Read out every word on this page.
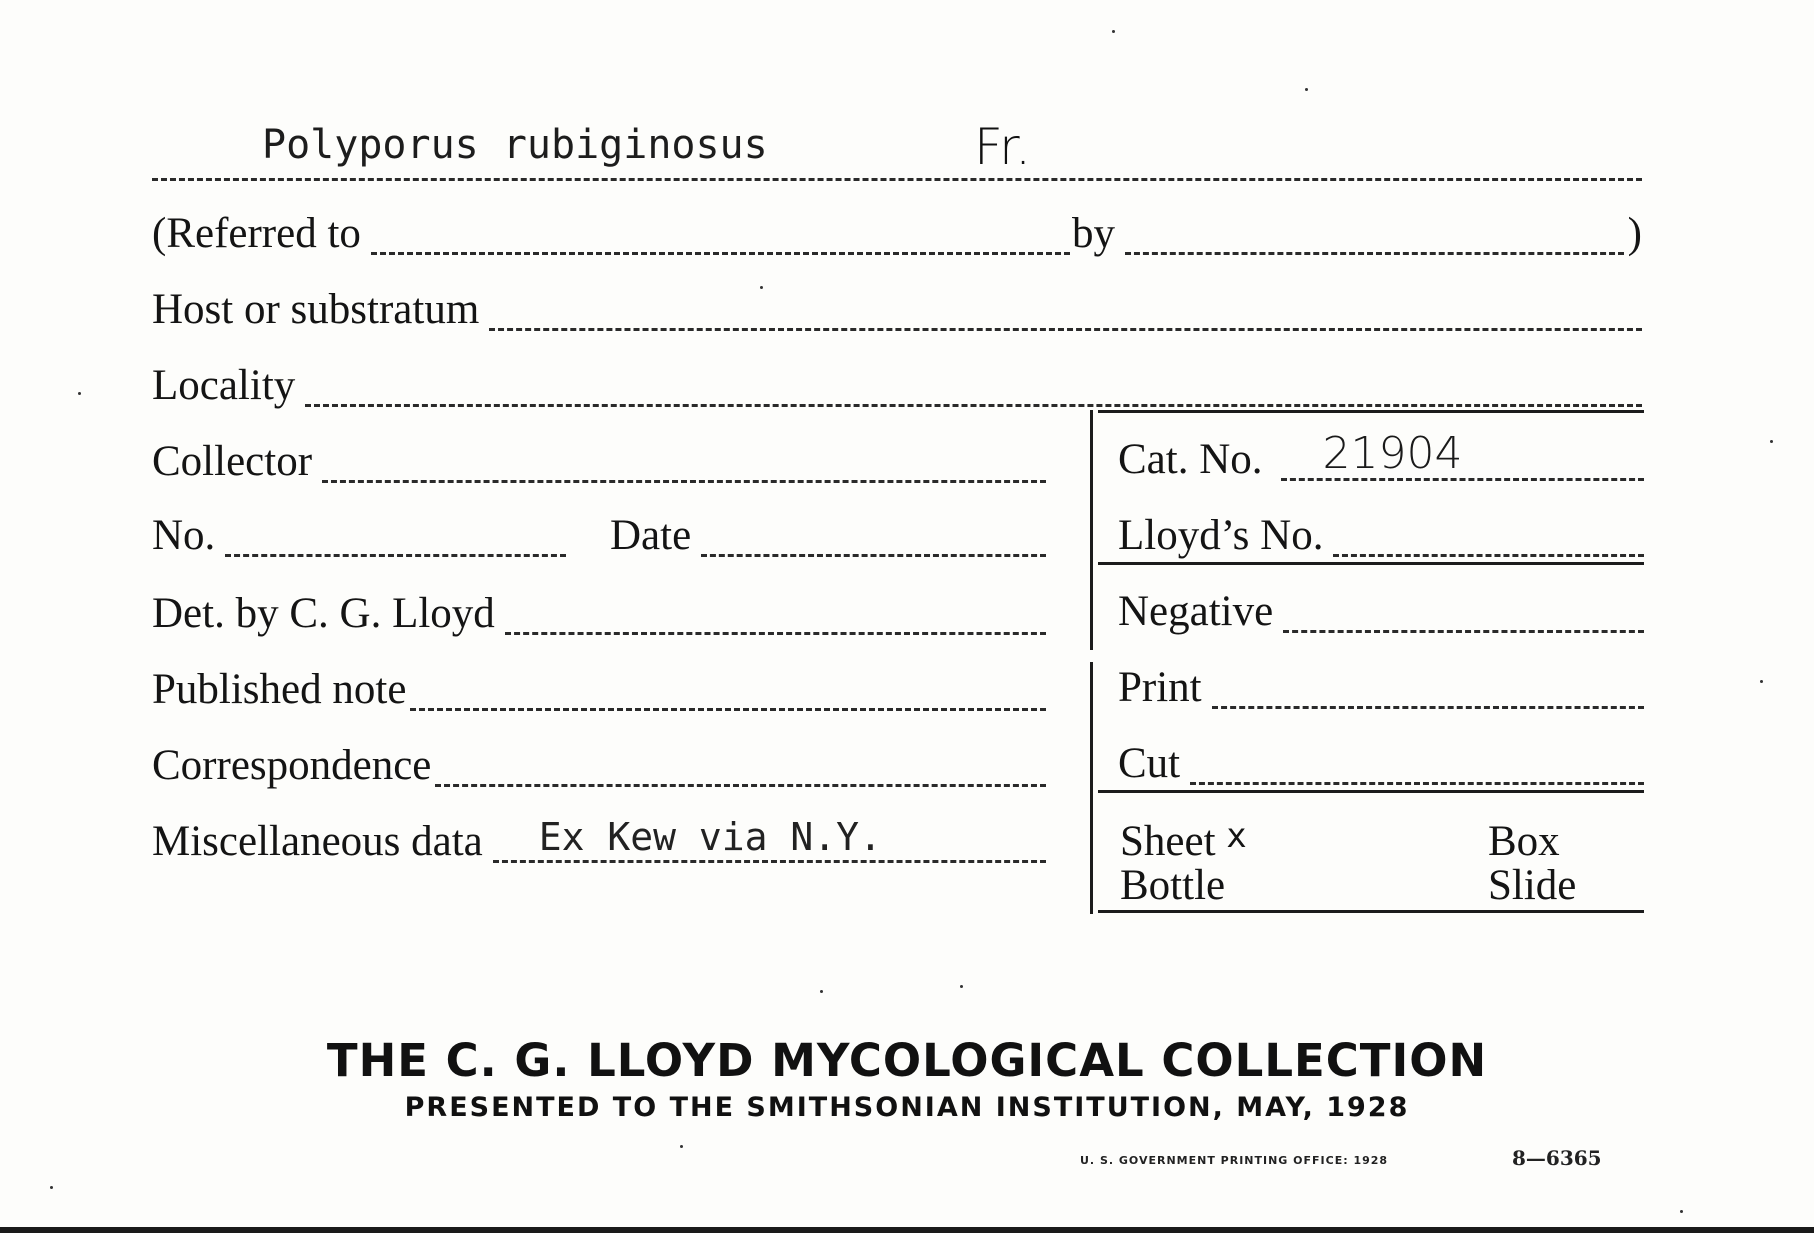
Polyporus rubiginosus	Fr.
(Referred to	by	)
Host or substratum
Locality
Collector
No.	Date
Det. by C. G. Lloyd
Published note
Correspondence
Miscellaneous data Ex Kew via N.Y.
Cat. No. 21904
Lloyd’s No.
Negative
Print
Cut
Sheet x	Box
Bottle	Slide
THE C. G. LLOYD MYCOLOGICAL COLLECTION
PRESENTED TO THE SMITHSONIAN INSTITUTION, MAY, 1928
U. S. GOVERNMENT PRINTING OFFICE: 1928	8—6365
